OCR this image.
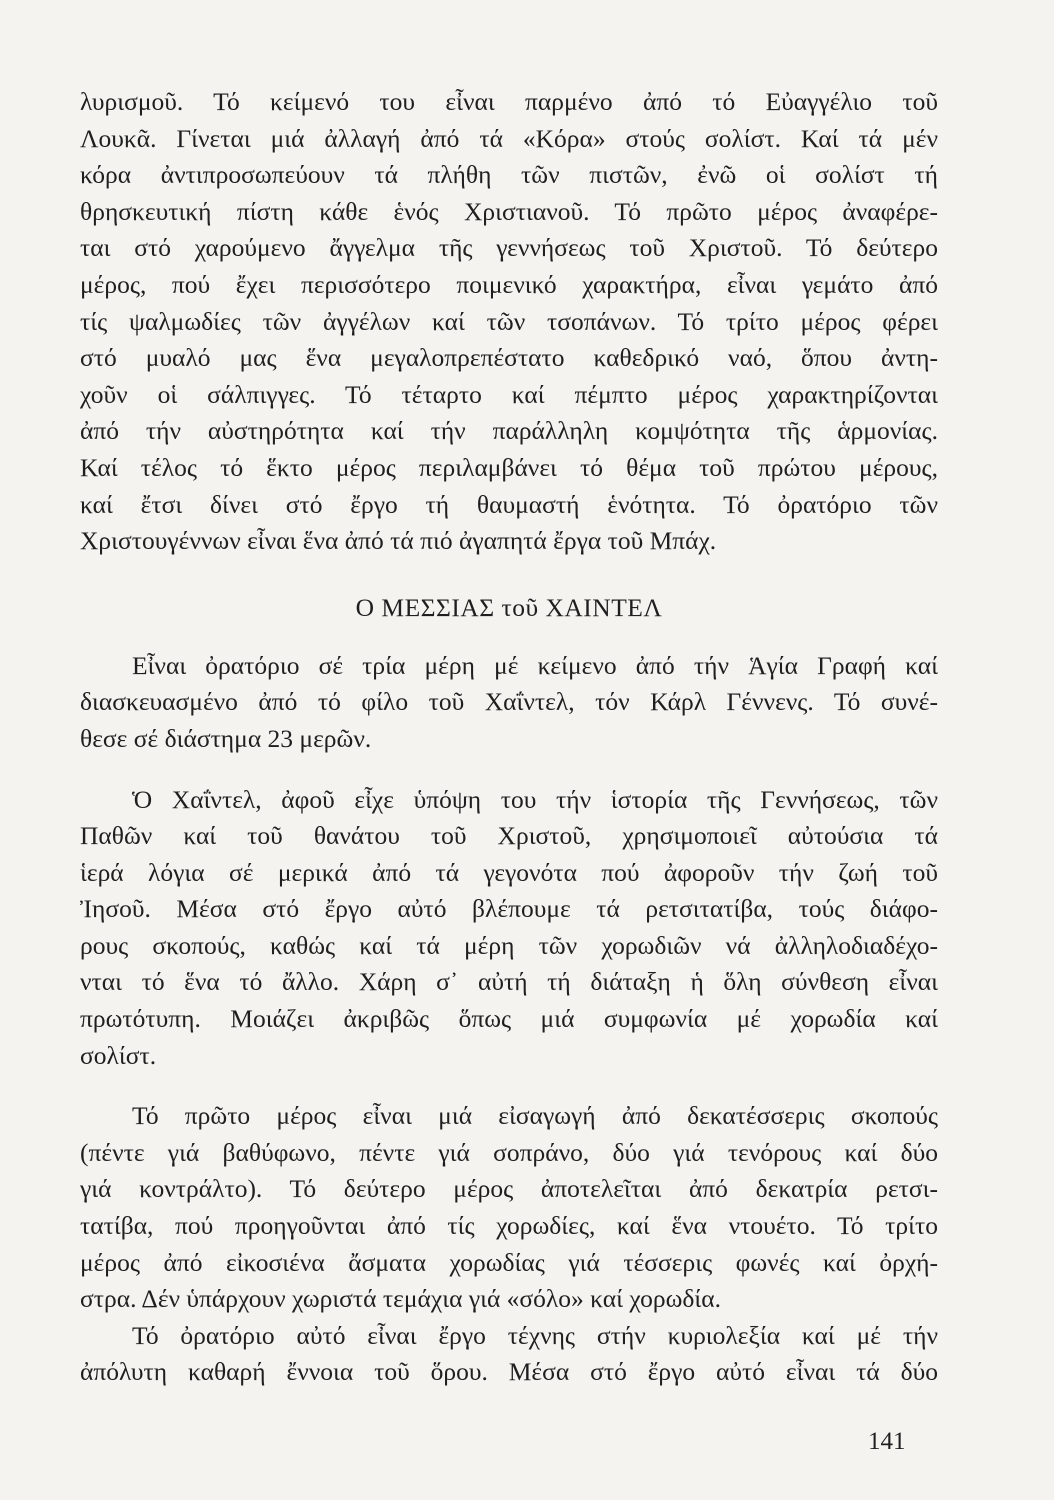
λυρισμοῦ. Τό κείμενό του εἶναι παρμένο ἀπό τό Εὐαγγέλιο τοῦ
Λουκᾶ. Γίνεται μιά ἀλλαγή ἀπό τά «Κόρα» στούς σολίστ. Καί τά μέν
κόρα ἀντιπροσωπεύουν τά πλήθη τῶν πιστῶν, ἐνῶ οἱ σολίστ τή
θρησκευτική πίστη κάθε ἑνός Χριστιανοῦ. Τό πρῶτο μέρος ἀναφέρε-
ται στό χαρούμενο ἄγγελμα τῆς γεννήσεως τοῦ Χριστοῦ. Τό δεύτερο
μέρος, πού ἔχει περισσότερο ποιμενικό χαρακτήρα, εἶναι γεμάτο ἀπό
τίς ψαλμωδίες τῶν ἀγγέλων καί τῶν τσοπάνων. Τό τρίτο μέρος φέρει
στό μυαλό μας ἕνα μεγαλοπρεπέστατο καθεδρικό ναό, ὅπου ἀντη-
χοῦν οἱ σάλπιγγες. Τό τέταρτο καί πέμπτο μέρος χαρακτηρίζονται
ἀπό τήν αὐστηρότητα καί τήν παράλληλη κομψότητα τῆς ἁρμονίας.
Καί τέλος τό ἕκτο μέρος περιλαμβάνει τό θέμα τοῦ πρώτου μέρους,
καί ἔτσι δίνει στό ἔργο τή θαυμαστή ἑνότητα. Τό ὀρατόριο τῶν
Χριστουγέννων εἶναι ἕνα ἀπό τά πιό ἀγαπητά ἔργα τοῦ Μπάχ.
Ο ΜΕΣΣΙΑΣ τοῦ ΧΑΙΝΤΕΛ
Εἶναι ὀρατόριο σέ τρία μέρη μέ κείμενο ἀπό τήν Ἁγία Γραφή καί
διασκευασμένο ἀπό τό φίλο τοῦ Χαΐντελ, τόν Κάρλ Γέννενς. Τό συνέ-
θεσε σέ διάστημα 23 μερῶν.
Ὁ Χαΐντελ, ἀφοῦ εἶχε ὑπόψη του τήν ἱστορία τῆς Γεννήσεως, τῶν
Παθῶν καί τοῦ θανάτου τοῦ Χριστοῦ, χρησιμοποιεῖ αὐτούσια τά
ἱερά λόγια σέ μερικά ἀπό τά γεγονότα πού ἀφοροῦν τήν ζωή τοῦ
Ἰησοῦ. Μέσα στό ἔργο αὐτό βλέπουμε τά ρετσιτατίβα, τούς διάφο-
ρους σκοπούς, καθώς καί τά μέρη τῶν χορωδιῶν νά ἀλληλοδιαδέχο-
νται τό ἕνα τό ἄλλο. Χάρη σ᾿ αὐτή τή διάταξη ἡ ὅλη σύνθεση εἶναι
πρωτότυπη. Μοιάζει ἀκριβῶς ὅπως μιά συμφωνία μέ χορωδία καί
σολίστ.
Τό πρῶτο μέρος εἶναι μιά εἰσαγωγή ἀπό δεκατέσσερις σκοπούς
(πέντε γιά βαθύφωνο, πέντε γιά σοπράνο, δύο γιά τενόρους καί δύο
γιά κοντράλτο). Τό δεύτερο μέρος ἀποτελεῖται ἀπό δεκατρία ρετσι-
τατίβα, πού προηγοῦνται ἀπό τίς χορωδίες, καί ἕνα ντουέτο. Τό τρίτο
μέρος ἀπό εἰκοσιένα ἄσματα χορωδίας γιά τέσσερις φωνές καί ὀρχή-
στρα. Δέν ὑπάρχουν χωριστά τεμάχια γιά «σόλο» καί χορωδία.
Τό ὀρατόριο αὐτό εἶναι ἔργο τέχνης στήν κυριολεξία καί μέ τήν
ἀπόλυτη καθαρή ἔννοια τοῦ ὅρου. Μέσα στό ἔργο αὐτό εἶναι τά δύο
141
